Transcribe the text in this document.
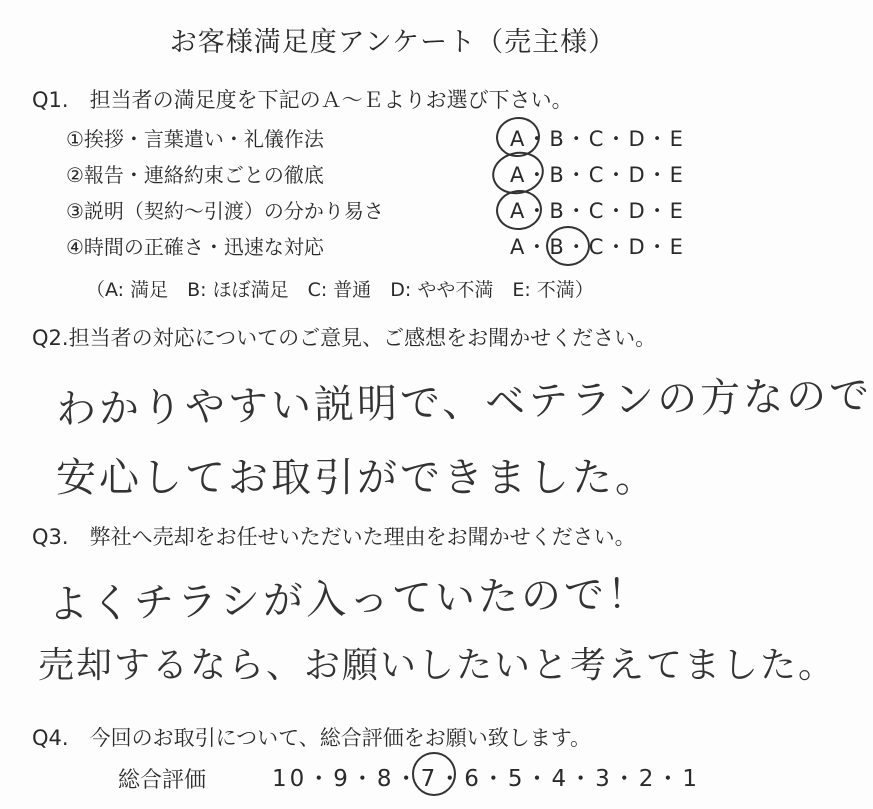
お客様満足度アンケート（売主様）
Q1.　担当者の満足度を下記のＡ～Ｅよりお選び下さい。
①挨拶・言葉遣い・礼儀作法
②報告・連絡約束ごとの徹底
③説明（契約～引渡）の分かり易さ
④時間の正確さ・迅速な対応
A・B・C・D・E
A・B・C・D・E
A・B・C・D・E
A・B・C・D・E
（A: 満足　B: ほぼ満足　C: 普通　D: やや不満　E: 不満）
Q2.担当者の対応についてのご意見、ご感想をお聞かせください。
わかりやすい説明で、ベテランの方なので
安心してお取引ができました。
Q3.　弊社へ売却をお任せいただいた理由をお聞かせください。
よくチラシが入っていたので！
売却するなら、お願いしたいと考えてました。
Q4.　今回のお取引について、総合評価をお願い致します。
総合評価	10・9・8・7・6・5・4・3・2・1
